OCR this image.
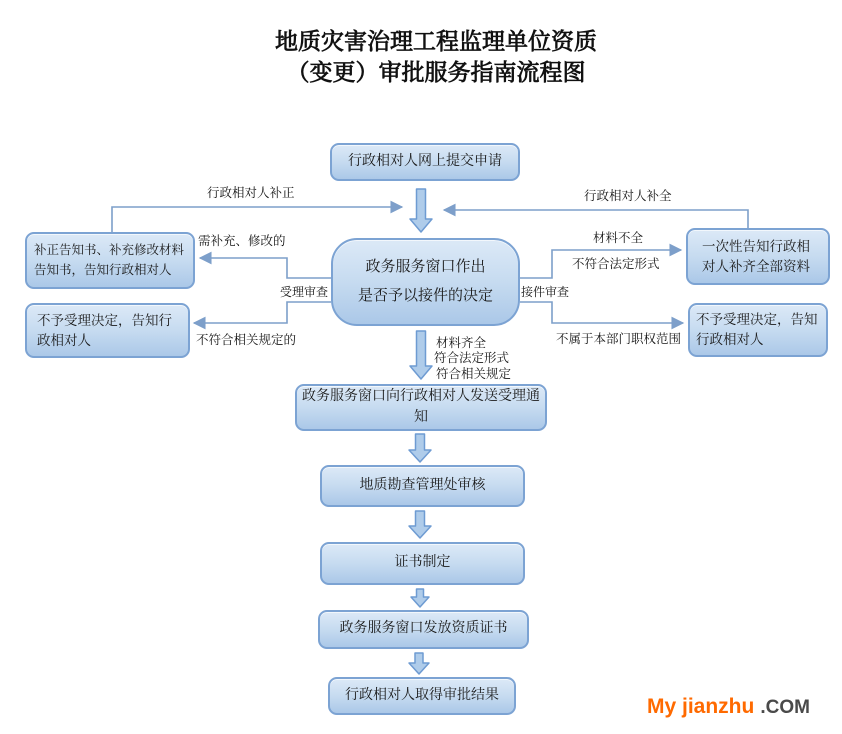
地质灾害治理工程监理单位资质
（变更）审批服务指南流程图
行政相对人网上提交申请
补正告知书、补充修改材料告知书，告知行政相对人	政务服务窗口作出
是否予以接件的决定
一次性告知行政相对人补齐全部资料
不予受理决定，告知行政相对人
不予受理决定，告知行政相对人
政务服务窗口向行政相对人发送受理通知
地质勘查管理处审核
证书制定
政务服务窗口发放资质证书
行政相对人取得审批结果
行政相对人补正	行政相对人补全
需补充、修改的
受理审查	接件审查
材料不全
不符合法定形式
不符合相关规定的	不属于本部门职权范围
材料齐全
符合法定形式
符合相关规定
My jianzhu .COM
